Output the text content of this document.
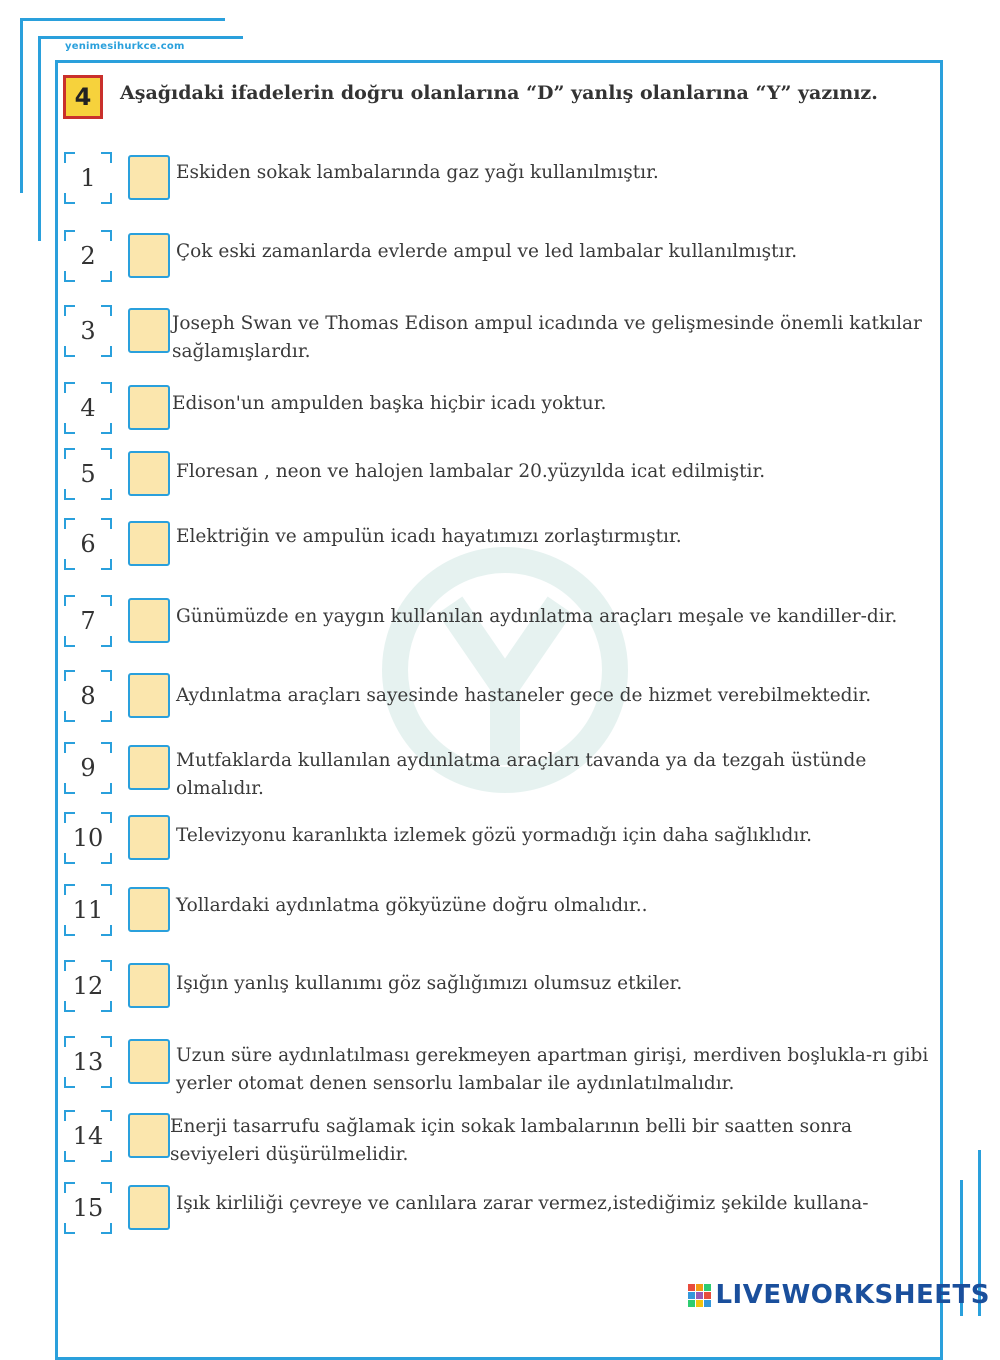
yenimesihurkce.com
4	Aşağıdaki ifadelerin doğru olanlarına “D” yanlış olanlarına “Y” yazınız.
1	Eskiden sokak lambalarında gaz yağı kullanılmıştır.
2	Çok eski zamanlarda evlerde ampul ve led lambalar kullanılmıştır.
3	Joseph Swan ve Thomas Edison ampul icadında ve gelişmesinde önemli katkılar sağlamışlardır.
4	Edison'un ampulden başka hiçbir icadı yoktur.
5	Floresan , neon ve halojen lambalar 20.yüzyılda icat edilmiştir.
6	Elektriğin ve ampulün icadı hayatımızı zorlaştırmıştır.
7	Günümüzde en yaygın kullanılan aydınlatma araçları meşale ve kandiller-dir.
8	Aydınlatma araçları sayesinde hastaneler gece de hizmet verebilmektedir.
9	Mutfaklarda kullanılan aydınlatma araçları tavanda ya da tezgah üstünde olmalıdır.
10	Televizyonu karanlıkta izlemek gözü yormadığı için daha sağlıklıdır.
11	Yollardaki aydınlatma gökyüzüne doğru olmalıdır..
12	Işığın yanlış kullanımı göz sağlığımızı olumsuz etkiler.
13	Uzun süre aydınlatılması gerekmeyen apartman girişi, merdiven boşlukla-rı gibi yerler otomat denen sensorlu lambalar ile aydınlatılmalıdır.
14	Enerji tasarrufu sağlamak için sokak lambalarının belli bir saatten sonra seviyeleri düşürülmelidir.
15	Işık kirliliği çevreye ve canlılara zarar vermez,istediğimiz şekilde kullana-
LIVEWORKSHEETS
